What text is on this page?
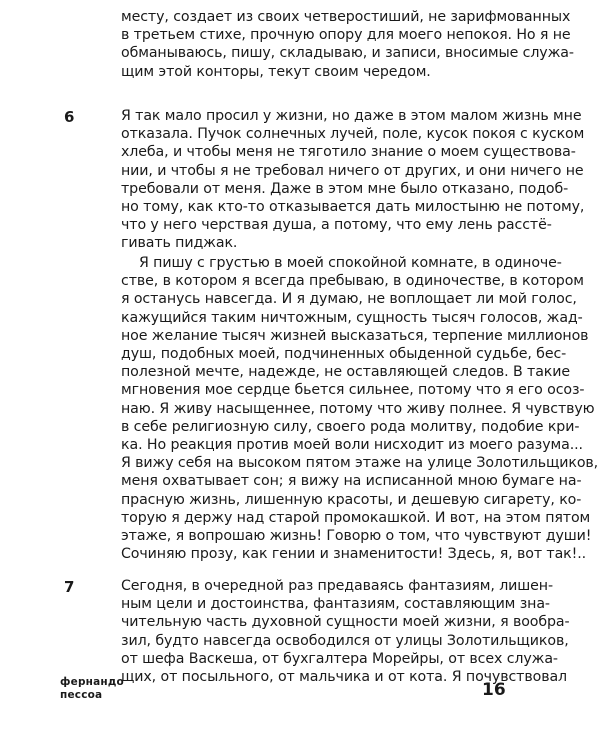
месту, создает из своих четверостиший, не зарифмованных
в третьем стихе, прочную опору для моего непокоя. Но я не
обманываюсь, пишу, складываю, и записи, вносимые служа-
щим этой конторы, текут своим чередом.
6	Я так мало просил у жизни, но даже в этом малом жизнь мне
отказала. Пучок солнечных лучей, поле, кусок покоя с куском
хлеба, и чтобы меня не тяготило знание о моем существова-
нии, и чтобы я не требовал ничего от других, и они ничего не
требовали от меня. Даже в этом мне было отказано, подоб-
но тому, как кто-то отказывается дать милостыню не потому,
что у него черствая душа, а потому, что ему лень расстё-
гивать пиджак.
Я пишу с грустью в моей спокойной комнате, в одиноче-
стве, в котором я всегда пребываю, в одиночестве, в котором
я останусь навсегда. И я думаю, не воплощает ли мой голос,
кажущийся таким ничтожным, сущность тысяч голосов, жад-
ное желание тысяч жизней высказаться, терпение миллионов
душ, подобных моей, подчиненных обыденной судьбе, бес-
полезной мечте, надежде, не оставляющей следов. В такие
мгновения мое сердце бьется сильнее, потому что я его осоз-
наю. Я живу насыщеннее, потому что живу полнее. Я чувствую
в себе религиозную силу, своего рода молитву, подобие кри-
ка. Но реакция против моей воли нисходит из моего разума...
Я вижу себя на высоком пятом этаже на улице Золотильщиков,
меня охватывает сон; я вижу на исписанной мною бумаге на-
прасную жизнь, лишенную красоты, и дешевую сигарету, ко-
торую я держу над старой промокашкой. И вот, на этом пятом
этаже, я вопрошаю жизнь! Говорю о том, что чувствуют души!
Сочиняю прозу, как гении и знаменитости! Здесь, я, вот так!..
7	Сегодня, в очередной раз предаваясь фантазиям, лишен-
ным цели и достоинства, фантазиям, составляющим зна-
чительную часть духовной сущности моей жизни, я вообра-
зил, будто навсегда освободился от улицы Золотильщиков,
от шефа Васкеша, от бухгалтера Морейры, от всех служа-
щих, от посыльного, от мальчика и от кота. Я почувствовал
фернандо
пессоа	16
